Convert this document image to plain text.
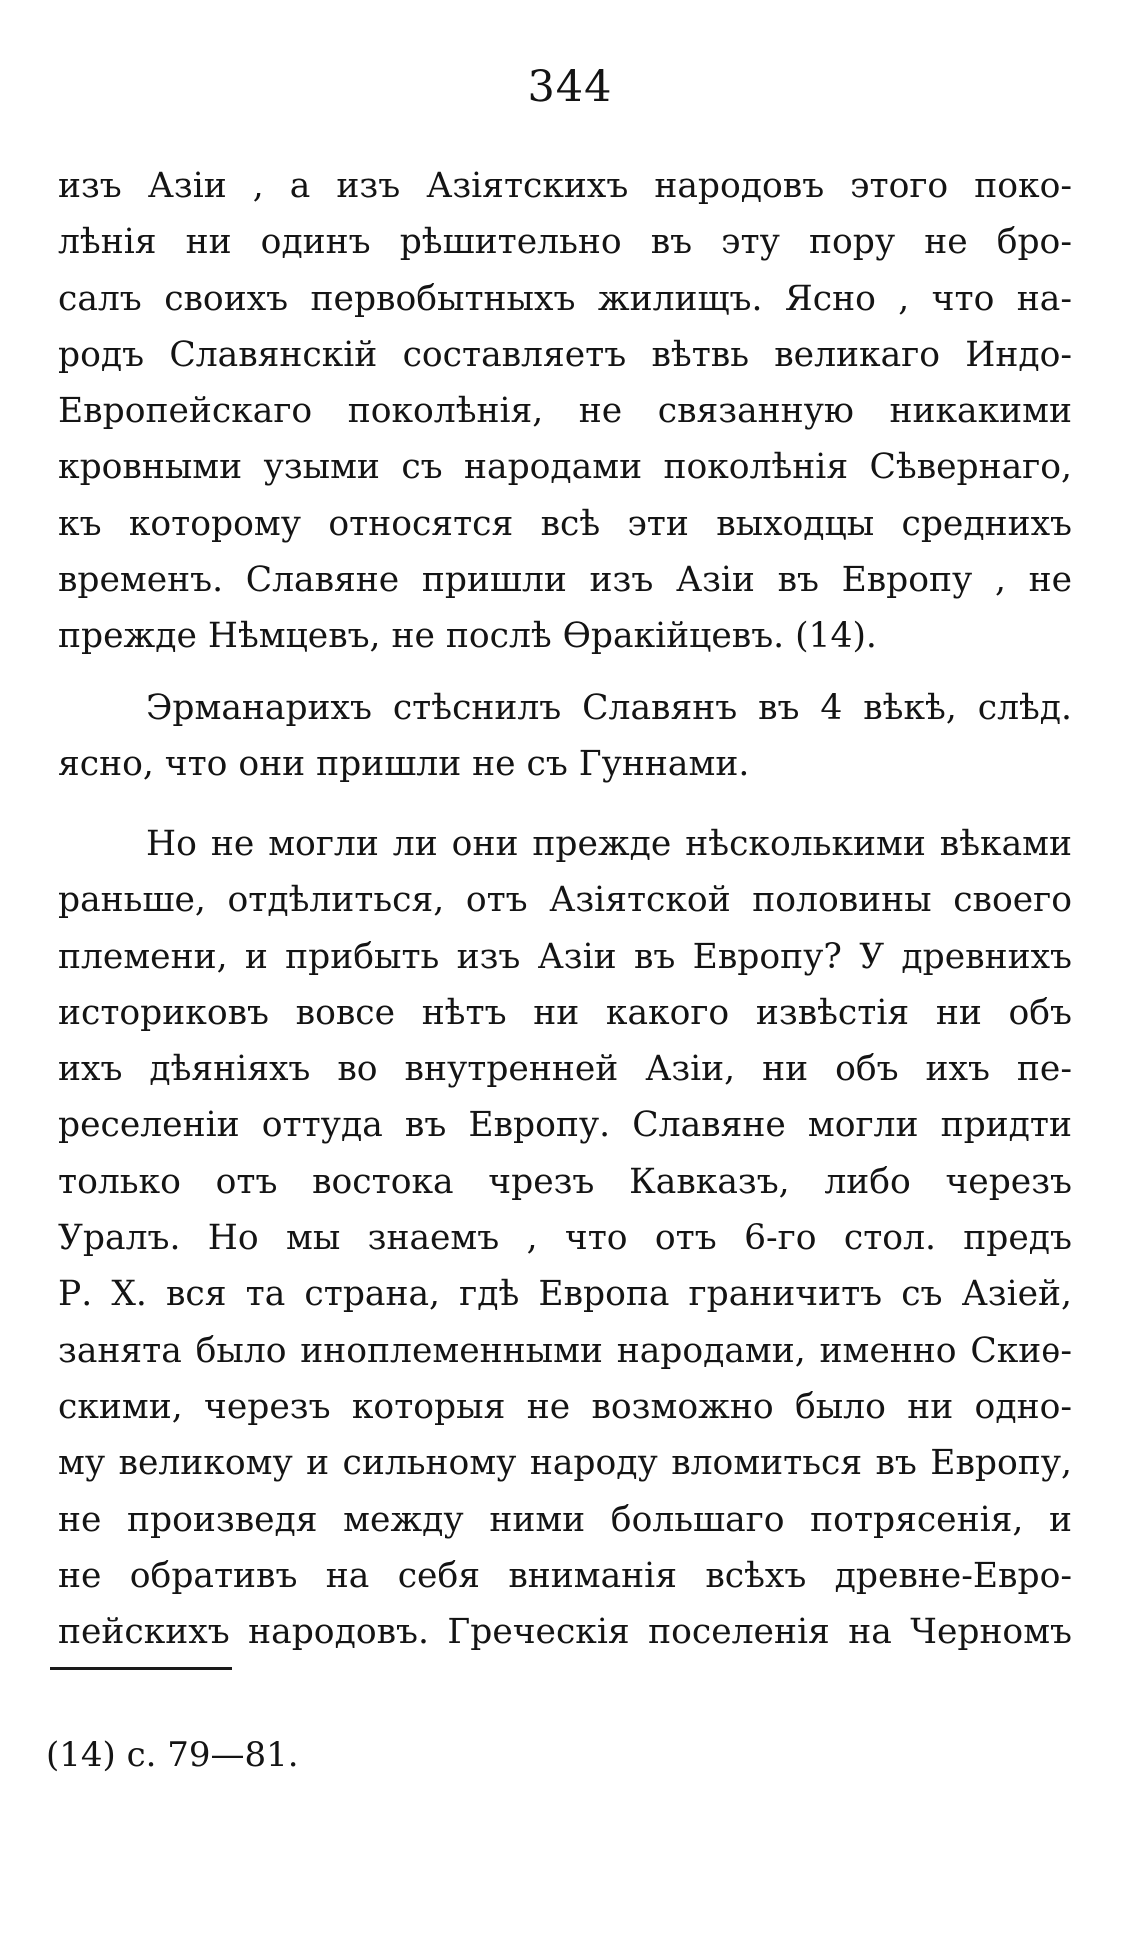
344
изъ Азіи , а изъ Азіятскихъ народовъ этого поко-
лѣнія ни одинъ рѣшительно въ эту пору не бро-
салъ своихъ первобытныхъ жилищъ. Ясно , что на-
родъ Славянскій составляетъ вѣтвь великаго Индо-
Европейскаго поколѣнія, не связанную никакими
кровными узыми съ народами поколѣнія Сѣвернаго,
къ которому относятся всѣ эти выходцы среднихъ
временъ. Славяне пришли изъ Азіи въ Европу , не
прежде Нѣмцевъ, не послѣ Ѳракійцевъ. (14).
Эрманарихъ стѣснилъ Славянъ въ 4 вѣкѣ, слѣд.
ясно, что они пришли не съ Гуннами.
Но не могли ли они прежде нѣсколькими вѣками
раньше, отдѣлиться, отъ Азіятской половины своего
племени, и прибыть изъ Азіи въ Европу? У древнихъ
историковъ вовсе нѣтъ ни какого извѣстія ни объ
ихъ дѣяніяхъ во внутренней Азіи, ни объ ихъ пе-
реселеніи оттуда въ Европу. Славяне могли придти
только отъ востока чрезъ Кавказъ, либо черезъ
Уралъ. Но мы знаемъ , что отъ 6-го стол. предъ
Р. Х. вся та страна, гдѣ Европа граничитъ съ Азіей,
занята было иноплеменными народами, именно Скиѳ-
скими, черезъ которыя не возможно было ни одно-
му великому и сильному народу вломиться въ Европу,
не произведя между ними большаго потрясенія, и
не обративъ на себя вниманія всѣхъ древне-Евро-
пейскихъ народовъ. Греческія поселенія на Черномъ
(14) с. 79—81.
